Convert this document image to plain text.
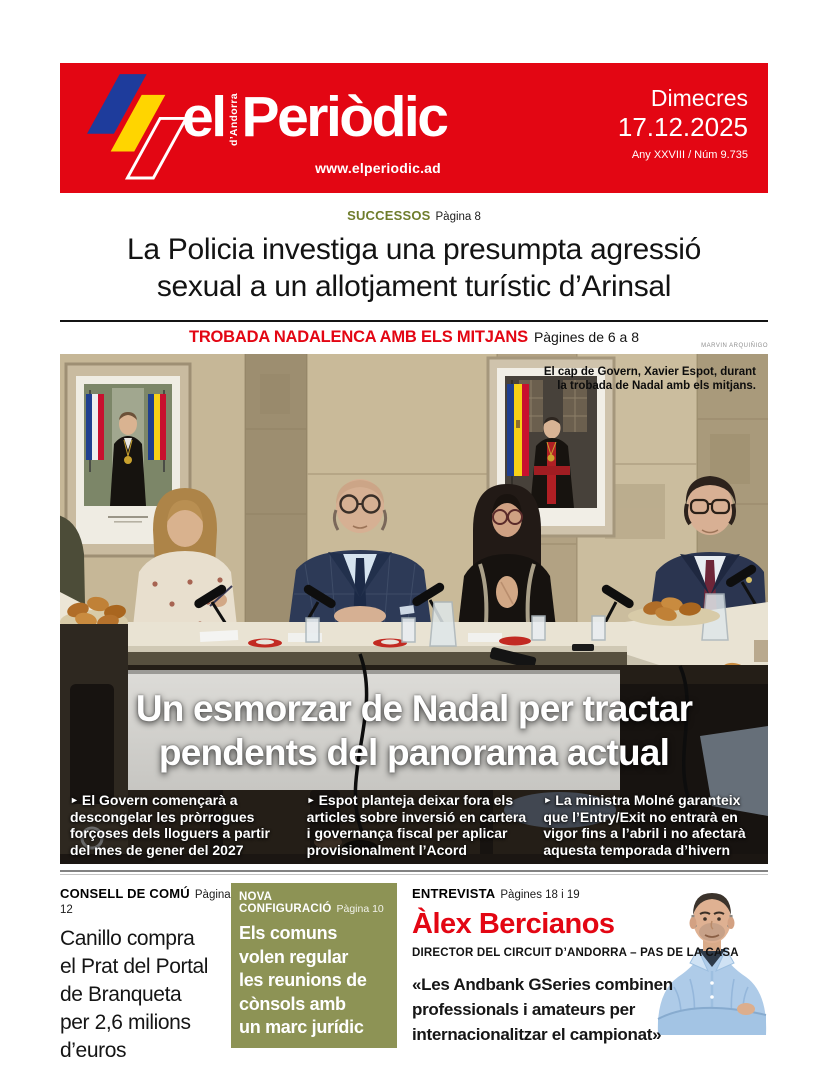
el d’Andorra Periòdic
www.elperiodic.ad
Dimecres
17.12.2025
Any XXVIII / Núm 9.735
SUCCESSOS Pàgina 8
La Policia investiga una presumpta agressió
sexual a un allotjament turístic d’Arinsal
TROBADA NADALENCA AMB ELS MITJANS Pàgines de 6 a 8
MARVIN ARQUIÑIGO
El cap de Govern, Xavier Espot, durant la trobada de Nadal amb els mitjans.
Un esmorzar de Nadal per tractar
pendents del panorama actual
► El Govern començarà a descongelar les pròrrogues forçoses dels lloguers a partir del mes de gener del 2027
► Espot planteja deixar fora els articles sobre inversió en cartera i governança fiscal per aplicar provisionalment l’Acord
► La ministra Molné garanteix que l’Entry/Exit no entrarà en vigor fins a l’abril i no afectarà aquesta temporada d’hivern
CONSELL DE COMÚ Pàgina 12
Canillo compra
el Prat del Portal
de Branqueta
per 2,6 milions
d’euros
NOVA CONFIGURACIÓ Pàgina 10
Els comuns
volen regular
les reunions de
cònsols amb
un marc jurídic
ENTREVISTA Pàgines 18 i 19
Àlex Bercianos
DIRECTOR DEL CIRCUIT D’ANDORRA – PAS DE LA CASA
«Les Andbank GSeries combinen
professionals i amateurs per
internacionalitzar el campionat»
